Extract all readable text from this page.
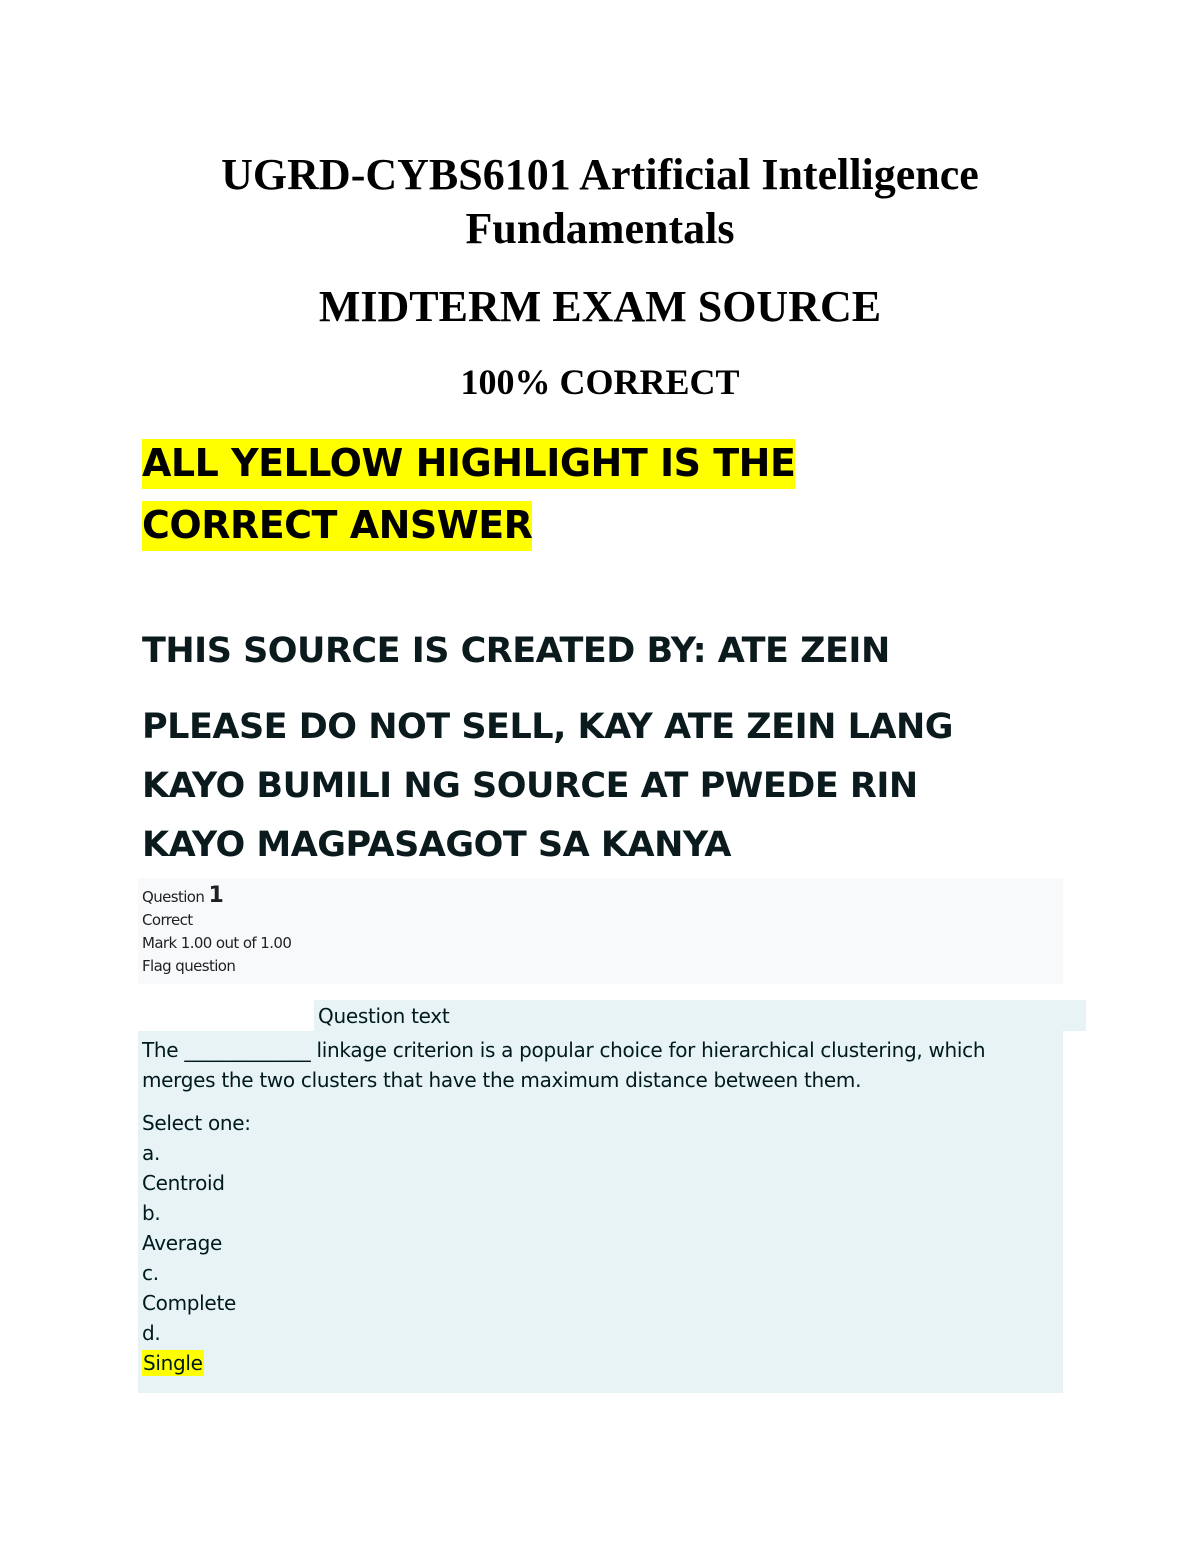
UGRD-CYBS6101 Artificial Intelligence
Fundamentals
MIDTERM EXAM SOURCE
100% CORRECT

ALL YELLOW HIGHLIGHT IS THE
CORRECT ANSWER

THIS SOURCE IS CREATED BY: ATE ZEIN

PLEASE DO NOT SELL, KAY ATE ZEIN LANG
KAYO BUMILI NG SOURCE AT PWEDE RIN
KAYO MAGPASAGOT SA KANYA

Question 1
Correct
Mark 1.00 out of 1.00
Flag question
Question text

The _____________ linkage criterion is a popular choice for hierarchical clustering, which
merges the two clusters that have the maximum distance between them.

Select one:
a.
Centroid
b.
Average
c.
Complete
d.
Single
